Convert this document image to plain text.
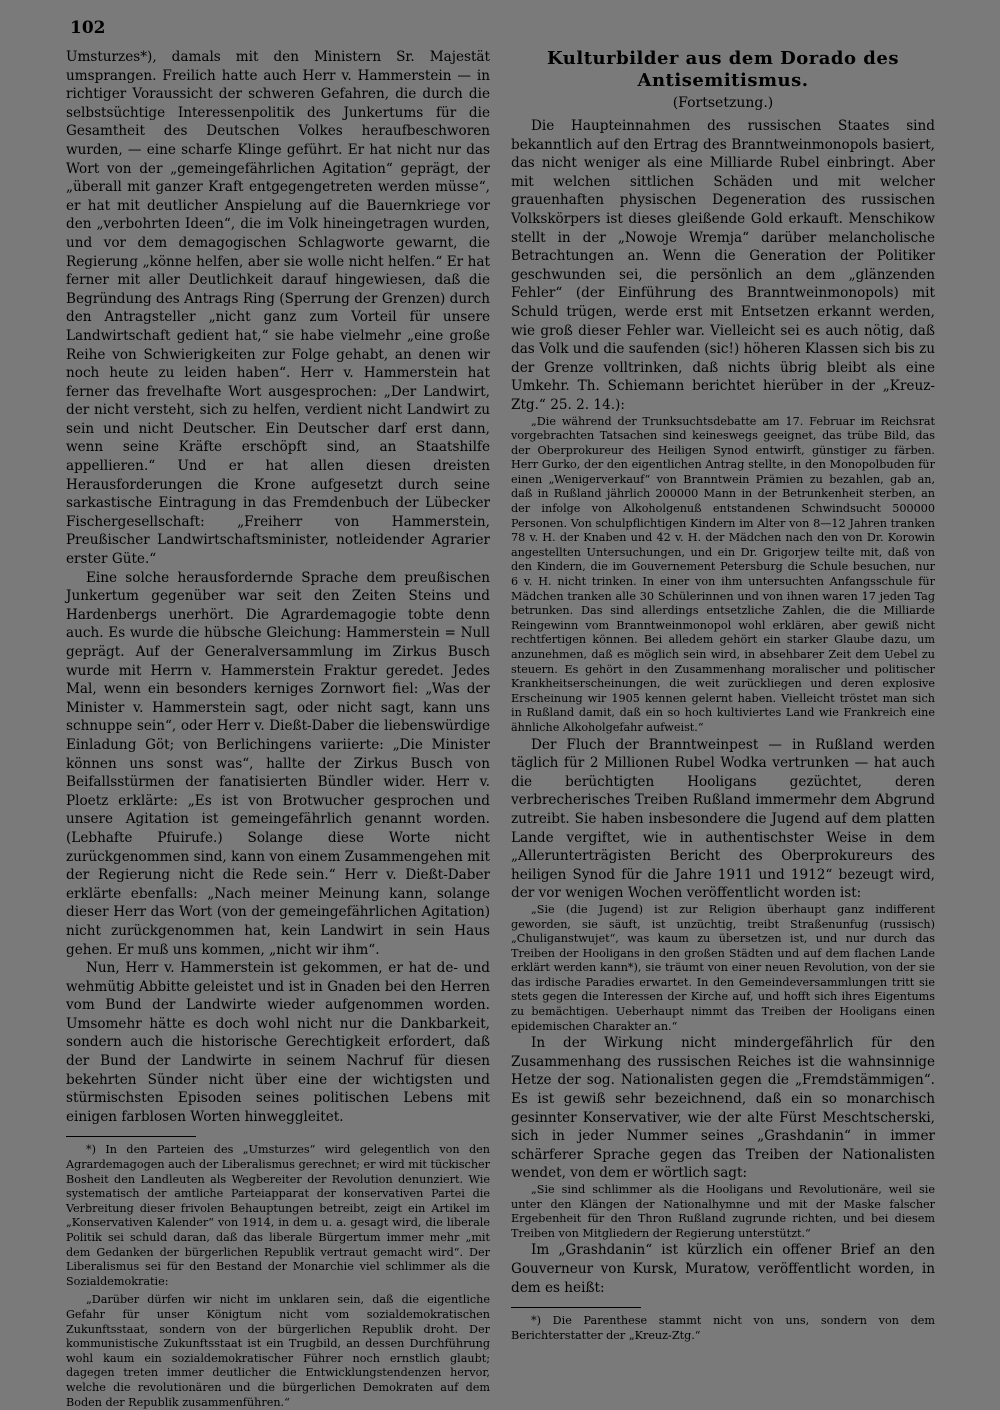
102

Umsturzes*), damals mit den Ministern Sr. Majestät umsprangen. Freilich hatte auch Herr v. Hammerstein — in richtiger Voraussicht der schweren Gefahren, die durch die selbstsüchtige Interessenpolitik des Junkertums für die Gesamtheit des Deutschen Volkes heraufbeschworen wurden, — eine scharfe Klinge geführt. Er hat nicht nur das Wort von der „gemeingefährlichen Agitation“ geprägt, der „überall mit ganzer Kraft entgegengetreten werden müsse“, er hat mit deutlicher Anspielung auf die Bauernkriege vor den „verbohrten Ideen“, die im Volk hineingetragen wurden, und vor dem demagogischen Schlagworte gewarnt, die Regierung „könne helfen, aber sie wolle nicht helfen.“ Er hat ferner mit aller Deutlichkeit darauf hingewiesen, daß die Begründung des Antrags Ring (Sperrung der Grenzen) durch den Antragsteller „nicht ganz zum Vorteil für unsere Landwirtschaft gedient hat,“ sie habe vielmehr „eine große Reihe von Schwierigkeiten zur Folge gehabt, an denen wir noch heute zu leiden haben“. Herr v. Hammerstein hat ferner das frevelhafte Wort ausgesprochen: „Der Landwirt, der nicht versteht, sich zu helfen, verdient nicht Landwirt zu sein und nicht Deutscher. Ein Deutscher darf erst dann, wenn seine Kräfte erschöpft sind, an Staatshilfe appellieren.“ Und er hat allen diesen dreisten Herausforderungen die Krone aufgesetzt durch seine sarkastische Eintragung in das Fremdenbuch der Lübecker Fischergesellschaft: „Freiherr von Hammerstein, Preußischer Landwirtschaftsminister, notleidender Agrarier erster Güte.“

Eine solche herausfordernde Sprache dem preußischen Junkertum gegenüber war seit den Zeiten Steins und Hardenbergs unerhört. Die Agrardemagogie tobte denn auch. Es wurde die hübsche Gleichung: Hammerstein = Null geprägt. Auf der Generalversammlung im Zirkus Busch wurde mit Herrn v. Hammerstein Fraktur geredet. Jedes Mal, wenn ein besonders kerniges Zornwort fiel: „Was der Minister v. Hammerstein sagt, oder nicht sagt, kann uns schnuppe sein“, oder Herr v. Dießt-Daber die liebenswürdige Einladung Göt; von Berlichingens variierte: „Die Minister können uns sonst was“, hallte der Zirkus Busch von Beifallsstürmen der fanatisierten Bündler wider. Herr v. Ploetz erklärte: „Es ist von Brotwucher gesprochen und unsere Agitation ist gemeingefährlich genannt worden. (Lebhafte Pfuirufe.) Solange diese Worte nicht zurückgenommen sind, kann von einem Zusammengehen mit der Regierung nicht die Rede sein.“ Herr v. Dießt-Daber erklärte ebenfalls: „Nach meiner Meinung kann, solange dieser Herr das Wort (von der gemeingefährlichen Agitation) nicht zurückgenommen hat, kein Landwirt in sein Haus gehen. Er muß uns kommen, „nicht wir ihm“.

Nun, Herr v. Hammerstein ist gekommen, er hat de- und wehmütig Abbitte geleistet und ist in Gnaden bei den Herren vom Bund der Landwirte wieder aufgenommen worden. Umsomehr hätte es doch wohl nicht nur die Dankbarkeit, sondern auch die historische Gerechtigkeit erfordert, daß der Bund der Landwirte in seinem Nachruf für diesen bekehrten Sünder nicht über eine der wichtigsten und stürmischsten Episoden seines politischen Lebens mit einigen farblosen Worten hinweggleitet.

*) In den Parteien des „Umsturzes“ wird gelegentlich von den Agrardemagogen auch der Liberalismus gerechnet; er wird mit tückischer Bosheit den Landleuten als Wegbereiter der Revolution denunziert. Wie systematisch der amtliche Parteiapparat der konservativen Partei die Verbreitung dieser frivolen Behauptungen betreibt, zeigt ein Artikel im „Konservativen Kalender“ von 1914, in dem u. a. gesagt wird, die liberale Politik sei schuld daran, daß das liberale Bürgertum immer mehr „mit dem Gedanken der bürgerlichen Republik vertraut gemacht wird“. Der Liberalismus sei für den Bestand der Monarchie viel schlimmer als die Sozialdemokratie:

„Darüber dürfen wir nicht im unklaren sein, daß die eigentliche Gefahr für unser Königtum nicht vom sozialdemokratischen Zukunftsstaat, sondern von der bürgerlichen Republik droht. Der kommunistische Zukunftsstaat ist ein Trugbild, an dessen Durchführung wohl kaum ein sozialdemokratischer Führer noch ernstlich glaubt; dagegen treten immer deutlicher die Entwicklungstendenzen hervor, welche die revolutionären und die bürgerlichen Demokraten auf dem Boden der Republik zusammenführen.“

Kulturbilder aus dem Dorado des Antisemitismus.
(Fortsetzung.)

Die Haupteinnahmen des russischen Staates sind bekanntlich auf den Ertrag des Branntweinmonopols basiert, das nicht weniger als eine Milliarde Rubel einbringt. Aber mit welchen sittlichen Schäden und mit welcher grauenhaften physischen Degeneration des russischen Volkskörpers ist dieses gleißende Gold erkauft. Menschikow stellt in der „Nowoje Wremja“ darüber melancholische Betrachtungen an. Wenn die Generation der Politiker geschwunden sei, die persönlich an dem „glänzenden Fehler“ (der Einführung des Branntweinmonopols) mit Schuld trügen, werde erst mit Entsetzen erkannt werden, wie groß dieser Fehler war. Vielleicht sei es auch nötig, daß das Volk und die saufenden (sic!) höheren Klassen sich bis zu der Grenze volltrinken, daß nichts übrig bleibt als eine Umkehr. Th. Schiemann berichtet hierüber in der „Kreuz-Ztg.“ 25. 2. 14.):

„Die während der Trunksuchtsdebatte am 17. Februar im Reichsrat vorgebrachten Tatsachen sind keineswegs geeignet, das trübe Bild, das der Oberprokureur des Heiligen Synod entwirft, günstiger zu färben. Herr Gurko, der den eigentlichen Antrag stellte, in den Monopolbuden für einen „Wenigerverkauf“ von Branntwein Prämien zu bezahlen, gab an, daß in Rußland jährlich 200000 Mann in der Betrunkenheit sterben, an der infolge von Alkoholgenuß entstandenen Schwindsucht 500000 Personen. Von schulpflichtigen Kindern im Alter von 8—12 Jahren tranken 78 v. H. der Knaben und 42 v. H. der Mädchen nach den von Dr. Korowin angestellten Untersuchungen, und ein Dr. Grigorjew teilte mit, daß von den Kindern, die im Gouvernement Petersburg die Schule besuchen, nur 6 v. H. nicht trinken. In einer von ihm untersuchten Anfangsschule für Mädchen tranken alle 30 Schülerinnen und von ihnen waren 17 jeden Tag betrunken. Das sind allerdings entsetzliche Zahlen, die die Milliarde Reingewinn vom Branntweinmonopol wohl erklären, aber gewiß nicht rechtfertigen können. Bei alledem gehört ein starker Glaube dazu, um anzunehmen, daß es möglich sein wird, in absehbarer Zeit dem Uebel zu steuern. Es gehört in den Zusammenhang moralischer und politischer Krankheitserscheinungen, die weit zurückliegen und deren explosive Erscheinung wir 1905 kennen gelernt haben. Vielleicht tröstet man sich in Rußland damit, daß ein so hoch kultiviertes Land wie Frankreich eine ähnliche Alkoholgefahr aufweist.“

Der Fluch der Branntweinpest — in Rußland werden täglich für 2 Millionen Rubel Wodka vertrunken — hat auch die berüchtigten Hooligans gezüchtet, deren verbrecherisches Treiben Rußland immermehr dem Abgrund zutreibt. Sie haben insbesondere die Jugend auf dem platten Lande vergiftet, wie in authentischster Weise in dem „Allerunterträgisten Bericht des Oberprokureurs des heiligen Synod für die Jahre 1911 und 1912“ bezeugt wird, der vor wenigen Wochen veröffentlicht worden ist:

„Sie (die Jugend) ist zur Religion überhaupt ganz indifferent geworden, sie säuft, ist unzüchtig, treibt Straßenunfug (russisch) „Chuliganstwujet“, was kaum zu übersetzen ist, und nur durch das Treiben der Hooligans in den großen Städten und auf dem flachen Lande erklärt werden kann*), sie träumt von einer neuen Revolution, von der sie das irdische Paradies erwartet. In den Gemeindeversammlungen tritt sie stets gegen die Interessen der Kirche auf, und hofft sich ihres Eigentums zu bemächtigen. Ueberhaupt nimmt das Treiben der Hooligans einen epidemischen Charakter an.“

In der Wirkung nicht mindergefährlich für den Zusammenhang des russischen Reiches ist die wahnsinnige Hetze der sog. Nationalisten gegen die „Fremdstämmigen“. Es ist gewiß sehr bezeichnend, daß ein so monarchisch gesinnter Konservativer, wie der alte Fürst Meschtscherski, sich in jeder Nummer seines „Grashdanin“ in immer schärferer Sprache gegen das Treiben der Nationalisten wendet, von dem er wörtlich sagt:

„Sie sind schlimmer als die Hooligans und Revolutionäre, weil sie unter den Klängen der Nationalhymne und mit der Maske falscher Ergebenheit für den Thron Rußland zugrunde richten, und bei diesem Treiben von Mitgliedern der Regierung unterstützt.“

Im „Grashdanin“ ist kürzlich ein offener Brief an den Gouverneur von Kursk, Muratow, veröffentlicht worden, in dem es heißt:

*) Die Parenthese stammt nicht von uns, sondern von dem Berichterstatter der „Kreuz-Ztg.“
